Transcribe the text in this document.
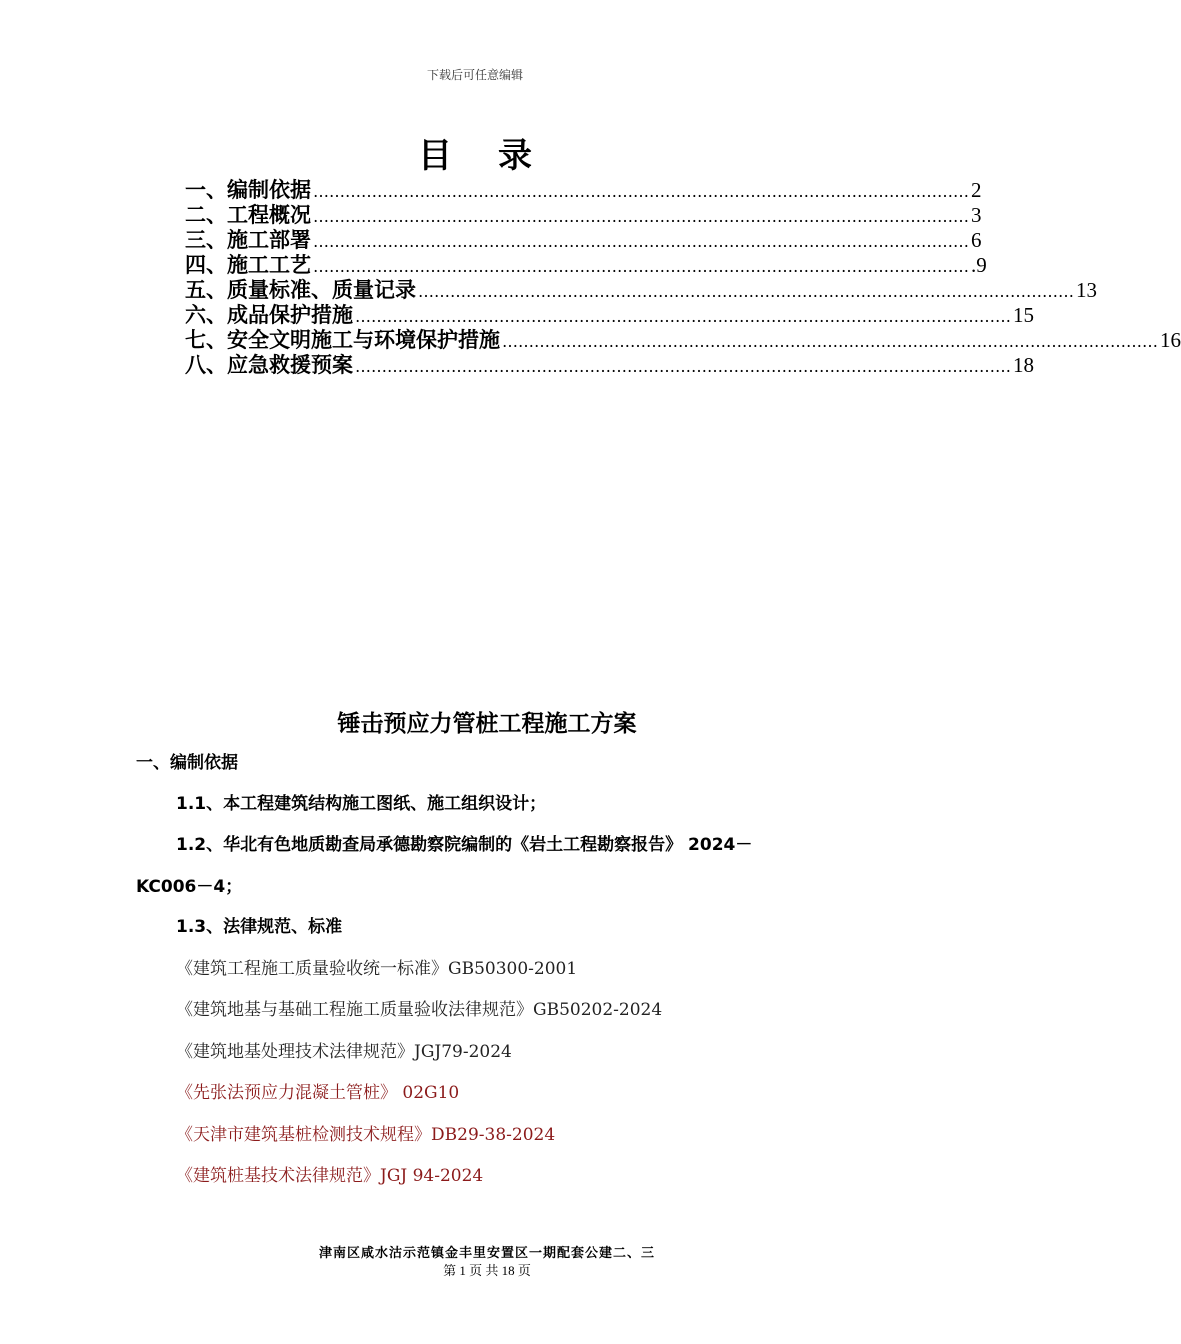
下载后可任意编辑
目录
一、编制依据 …………………………………………………………………………………………………………… 2
二、工程概况 …………………………………………………………………………………………………………… 3
三、施工部署 …………………………………………………………………………………………………………… 6
四、施工工艺 …………………………………………………………………………………………………………… .9
五、质量标准、质量记录 …………………………………………………………………………………………………………… 13
六、成品保护措施 …………………………………………………………………………………………………………… 15
七、安全文明施工与环境保护措施 …………………………………………………………………………………………………………… 16
八、应急救援预案 …………………………………………………………………………………………………………… 18
锤击预应力管桩工程施工方案
一、编制依据
1.1、本工程建筑结构施工图纸、施工组织设计；
1.2、华北有色地质勘查局承德勘察院编制的《岩土工程勘察报告》 2024－
KC006－4；
1.3、法律规范、标准
《建筑工程施工质量验收统一标准》GB50300-2001
《建筑地基与基础工程施工质量验收法律规范》GB50202-2024
《建筑地基处理技术法律规范》JGJ79-2024
《先张法预应力混凝土管桩》 02G10
《天津市建筑基桩检测技术规程》DB29-38-2024
《建筑桩基技术法律规范》JGJ 94-2024
津南区咸水沽示范镇金丰里安置区一期配套公建二、三
第 1 页 共 18 页
